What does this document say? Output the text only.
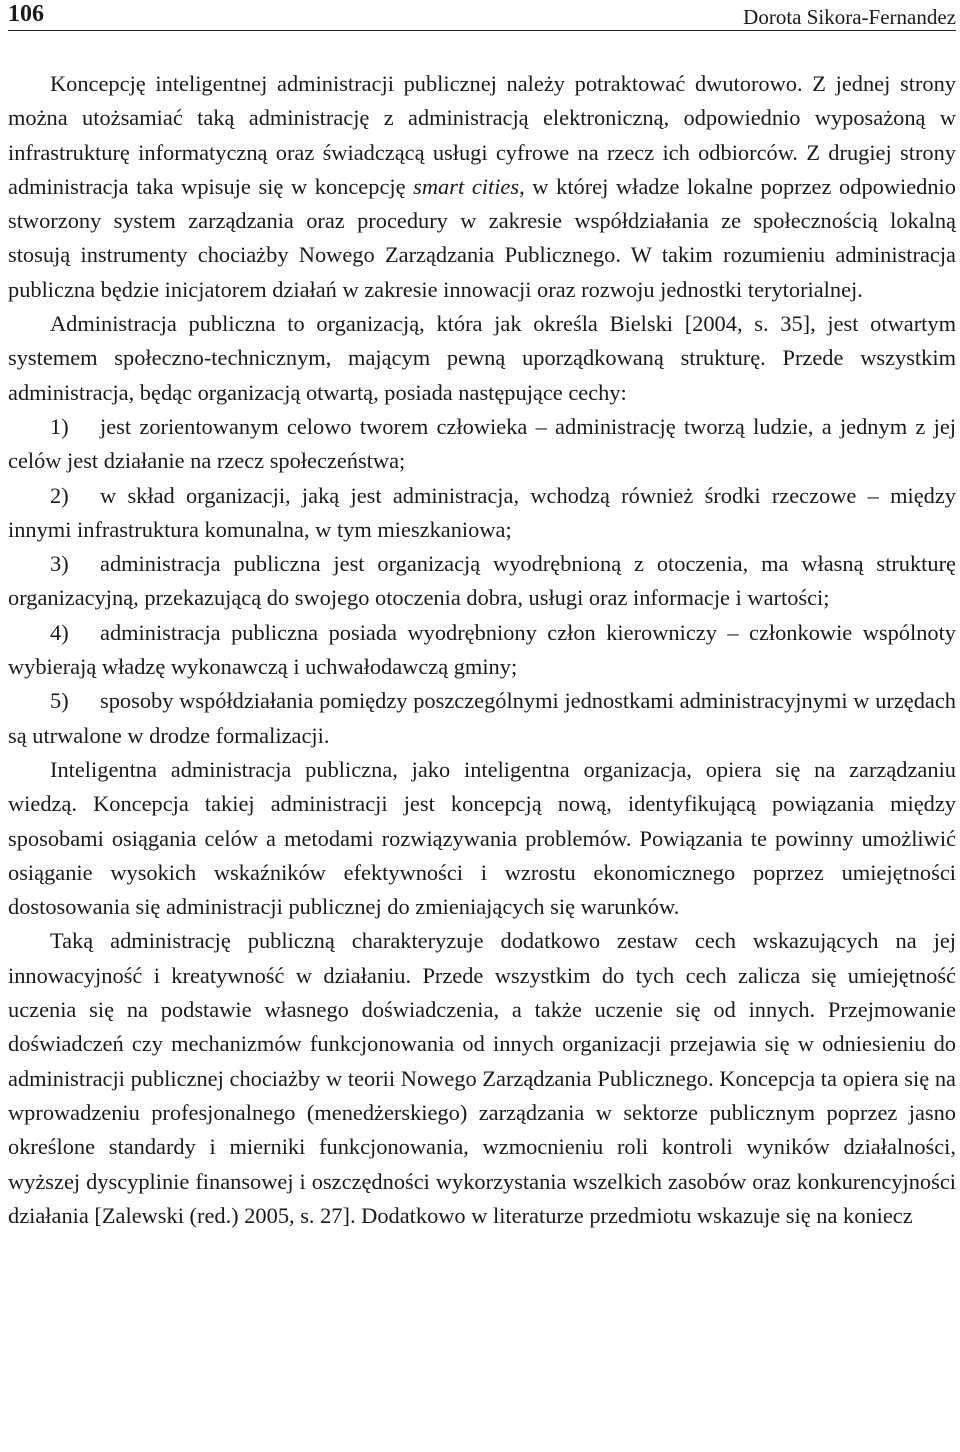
106	Dorota Sikora-Fernandez

Koncepcję inteligentnej administracji publicznej należy potraktować dwutorowo. Z jednej strony można utożsamiać taką administrację z administracją elektroniczną, odpowiednio wyposażoną w infrastrukturę informatyczną oraz świadczącą usługi cyfrowe na rzecz ich odbiorców. Z drugiej strony administracja taka wpisuje się w koncepcję smart cities, w której władze lokalne poprzez odpowiednio stworzony system zarządzania oraz procedury w zakresie współdziałania ze społecznością lokalną stosują instrumenty chociażby Nowego Zarządzania Publicznego. W takim rozumieniu administracja publiczna będzie inicjatorem działań w zakresie innowacji oraz rozwoju jednostki terytorialnej.

Administracja publiczna to organizacją, która jak określa Bielski [2004, s. 35], jest otwartym systemem społeczno-technicznym, mającym pewną uporządkowaną strukturę. Przede wszystkim administracja, będąc organizacją otwartą, posiada następujące cechy:

1) jest zorientowanym celowo tworem człowieka – administrację tworzą ludzie, a jednym z jej celów jest działanie na rzecz społeczeństwa;

2) w skład organizacji, jaką jest administracja, wchodzą również środki rzeczowe – między innymi infrastruktura komunalna, w tym mieszkaniowa;

3) administracja publiczna jest organizacją wyodrębnioną z otoczenia, ma własną strukturę organizacyjną, przekazującą do swojego otoczenia dobra, usługi oraz informacje i wartości;

4) administracja publiczna posiada wyodrębniony człon kierowniczy – członkowie wspólnoty wybierają władzę wykonawczą i uchwałodawczą gminy;

5) sposoby współdziałania pomiędzy poszczególnymi jednostkami administracyjnymi w urzędach są utrwalone w drodze formalizacji.

Inteligentna administracja publiczna, jako inteligentna organizacja, opiera się na zarządzaniu wiedzą. Koncepcja takiej administracji jest koncepcją nową, identyfikującą powiązania między sposobami osiągania celów a metodami rozwiązywania problemów. Powiązania te powinny umożliwić osiąganie wysokich wskaźników efektywności i wzrostu ekonomicznego poprzez umiejętności dostosowania się administracji publicznej do zmieniających się warunków.

Taką administrację publiczną charakteryzuje dodatkowo zestaw cech wskazujących na jej innowacyjność i kreatywność w działaniu. Przede wszystkim do tych cech zalicza się umiejętność uczenia się na podstawie własnego doświadczenia, a także uczenie się od innych. Przejmowanie doświadczeń czy mechanizmów funkcjonowania od innych organizacji przejawia się w odniesieniu do administracji publicznej chociażby w teorii Nowego Zarządzania Publicznego. Koncepcja ta opiera się na wprowadzeniu profesjonalnego (menedżerskiego) zarządzania w sektorze publicznym poprzez jasno określone standardy i mierniki funkcjonowania, wzmocnieniu roli kontroli wyników działalności, wyższej dyscyplinie finansowej i oszczędności wykorzystania wszelkich zasobów oraz konkurencyjności działania [Zalewski (red.) 2005, s. 27]. Dodatkowo w literaturze przedmiotu wskazuje się na koniecz
